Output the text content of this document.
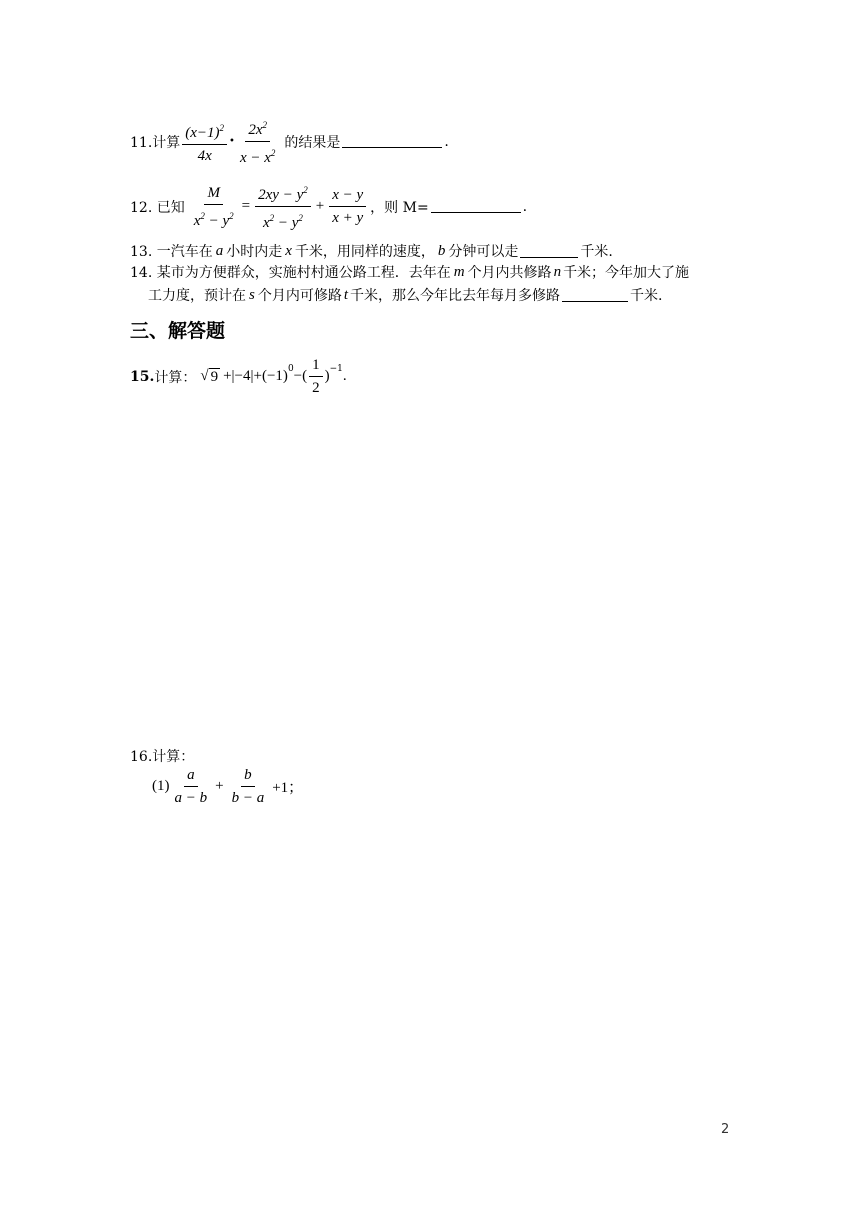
11.计算 $\frac{(x-1)^2}{4x}$ • $\frac{2x^2}{x - x^2}$ 的结果是	.
12. 已知 $\frac{M}{x^2 - y^2} = \frac{2xy - y^2}{x^2 - y^2} + \frac{x - y}{x + y}$ ，则 M=	.
13. 一汽车在 a 小时内走 x 千米，用同样的速度， b 分钟可以走	千米.
14. 某市为方便群众，实施村村通公路工程．去年在 m 个月内共修路 n 千米；今年加大了施
工力度，预计在 s 个月内可修路 t 千米，那么今年比去年每月多修路	千米.
三、解答题
15. 计算： √ $9 +|-4|+(-1)^0$ −( $\frac{1}{2} )^{-1}$ .
16.计算：
$(1) \frac{a}{a - b} + \frac{b}{b - a} +1$；
2
